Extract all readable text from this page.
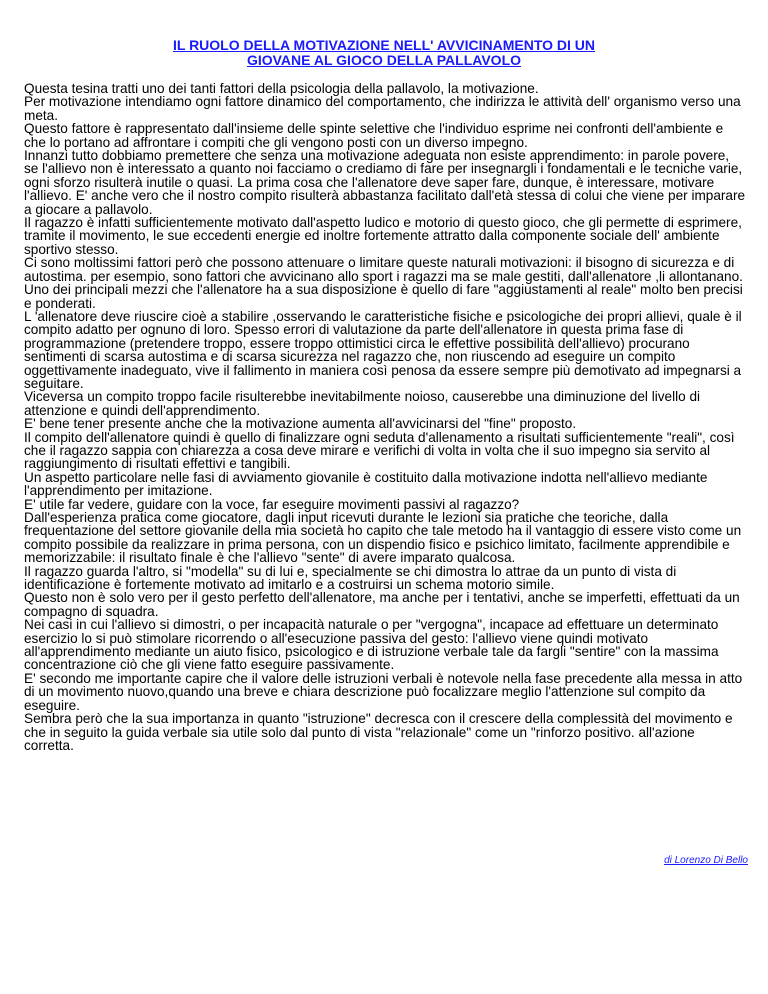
IL RUOLO DELLA MOTIVAZIONE NELL' AVVICINAMENTO DI UN
GIOVANE AL GIOCO DELLA PALLAVOLO

Questa tesina tratti uno dei tanti fattori della psicologia della pallavolo, la motivazione.

Per motivazione intendiamo ogni fattore dinamico del comportamento, che indirizza le attività dell' organismo verso una meta.

Questo fattore è rappresentato dall'insieme delle spinte selettive che l'individuo esprime nei confronti dell'ambiente e che lo portano ad affrontare i compiti che gli vengono posti con un diverso impegno.

Innanzi tutto dobbiamo premettere che senza una motivazione adeguata non esiste apprendimento: in parole povere, se l'allievo non è interessato a quanto noi facciamo o crediamo di fare per insegnargli i fondamentali e le tecniche varie, ogni sforzo risulterà inutile o quasi. La prima cosa che l'allenatore deve saper fare, dunque, è interessare, motivare l'allievo. E' anche vero che il nostro compito risulterà abbastanza facilitato dall'età stessa di colui che viene per imparare a giocare a pallavolo.

Il ragazzo è infatti sufficientemente motivato dall'aspetto ludico e motorio di questo gioco, che gli permette di esprimere, tramite il movimento, le sue eccedenti energie ed inoltre fortemente attratto dalla componente sociale dell' ambiente sportivo stesso.

Ci sono moltissimi fattori però che possono attenuare o limitare queste naturali motivazioni: il bisogno di sicurezza e di autostima. per esempio, sono fattori che avvicinano allo sport i ragazzi ma se male gestiti, dall'allenatore ,li allontanano.

Uno dei principali mezzi che l'allenatore ha a sua disposizione è quello di fare "aggiustamenti al reale" molto ben precisi e ponderati.

L 'allenatore deve riuscire cioè a stabilire ,osservando le caratteristiche fisiche e psicologiche dei propri allievi, quale è il compito adatto per ognuno di loro. Spesso errori di valutazione da parte dell'allenatore in questa prima fase di programmazione (pretendere troppo, essere troppo ottimistici circa le effettive possibilità dell'allievo) procurano sentimenti di scarsa autostima e di scarsa sicurezza nel ragazzo che, non riuscendo ad eseguire un compito oggettivamente inadeguato, vive il fallimento in maniera così penosa da essere sempre più demotivato ad impegnarsi a seguitare.

Viceversa un compito troppo facile risulterebbe inevitabilmente noioso, causerebbe una diminuzione del livello di attenzione e quindi dell'apprendimento.

E' bene tener presente anche che la motivazione aumenta all'avvicinarsi del "fine" proposto.

Il compito dell'allenatore quindi è quello di finalizzare ogni seduta d'allenamento a risultati sufficientemente "reali", così che il ragazzo sappia con chiarezza a cosa deve mirare e verifichi di volta in volta che il suo impegno sia servito al raggiungimento di risultati effettivi e tangibili.

Un aspetto particolare nelle fasi di avviamento giovanile è costituito dalla motivazione indotta nell'allievo mediante l'apprendimento per imitazione.

E' utile far vedere, guidare con la voce, far eseguire movimenti passivi al ragazzo?

Dall'esperienza pratica come giocatore, dagli input ricevuti durante le lezioni sia pratiche che teoriche, dalla frequentazione del settore giovanile della mia società ho capito che tale metodo ha il vantaggio di essere visto come un compito possibile da realizzare in prima persona, con un dispendio fisico e psichico limitato, facilmente apprendibile e memorizzabile: il risultato finale è che l'allievo "sente" di avere imparato qualcosa.

Il ragazzo guarda l'altro, si "modella" su di lui e, specialmente se chi dimostra lo attrae da un punto di vista di identificazione è fortemente motivato ad imitarlo e a costruirsi un schema motorio simile.

Questo non è solo vero per il gesto perfetto dell'allenatore, ma anche per i tentativi, anche se imperfetti, effettuati da un compagno di squadra.

Nei casi in cui l'allievo si dimostri, o per incapacità naturale o per "vergogna", incapace ad effettuare un determinato esercizio lo si può stimolare ricorrendo o all'esecuzione passiva del gesto: l'allievo viene quindi motivato all'apprendimento mediante un aiuto fisico, psicologico e di istruzione verbale tale da fargli "sentire" con la massima concentrazione ciò che gli viene fatto eseguire passivamente.

E' secondo me importante capire che il valore delle istruzioni verbali è notevole nella fase precedente alla messa in atto di un movimento nuovo,quando una breve e chiara descrizione può focalizzare meglio l'attenzione sul compito da eseguire.

Sembra però che la sua importanza in quanto "istruzione" decresca con il crescere della complessità del movimento e che in seguito la guida verbale sia utile solo dal punto di vista "relazionale" come un "rinforzo positivo. all'azione corretta.

di Lorenzo Di Bello
